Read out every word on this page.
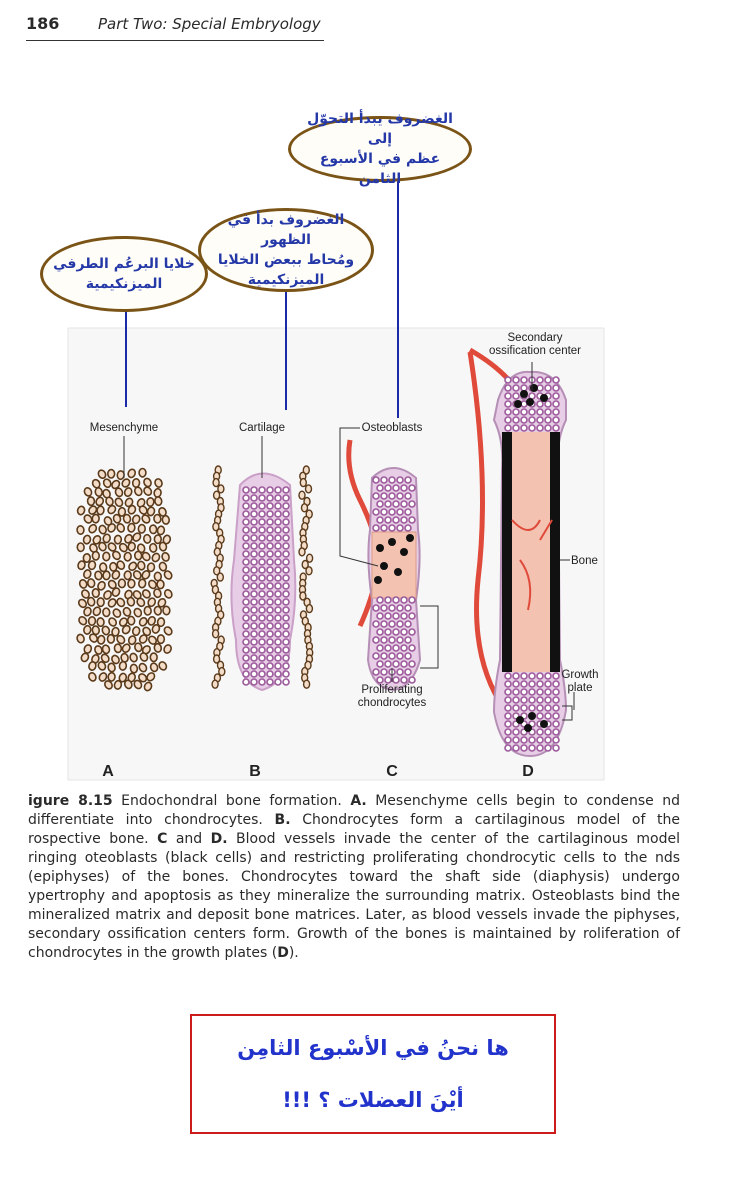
186	Part Two: Special Embryology
Mesenchyme	Cartilage	Osteoblasts
Secondary
ossification center
Bone
Growth
plate
Proliferating
chondrocytes
A	B	C	D
خلايا البرعُم الطرفي
الميزنكيمية
الغضروف بدأ في الظهور
ومُحاط ببعض الخلايا
الميزنكيمية
الغضروف يبدأ التحوّل إلى
عظم في الأسبوع الثامن
igure 8.15 Endochondral bone formation. A. Mesenchyme cells begin to condense nd differentiate into chondrocytes. B. Chondrocytes form a cartilaginous model of the rospective bone. C and D. Blood vessels invade the center of the cartilaginous model ringing oteoblasts (black cells) and restricting proliferating chondrocytic cells to the nds (epiphyses) of the bones. Chondrocytes toward the shaft side (diaphysis) undergo ypertrophy and apoptosis as they mineralize the surrounding matrix. Osteoblasts bind the mineralized matrix and deposit bone matrices. Later, as blood vessels invade the piphyses, secondary ossification centers form. Growth of the bones is maintained by roliferation of chondrocytes in the growth plates (D).
ها نحنُ في الأسْبوع الثامِن
أيْنَ العضلات ؟ !!!
